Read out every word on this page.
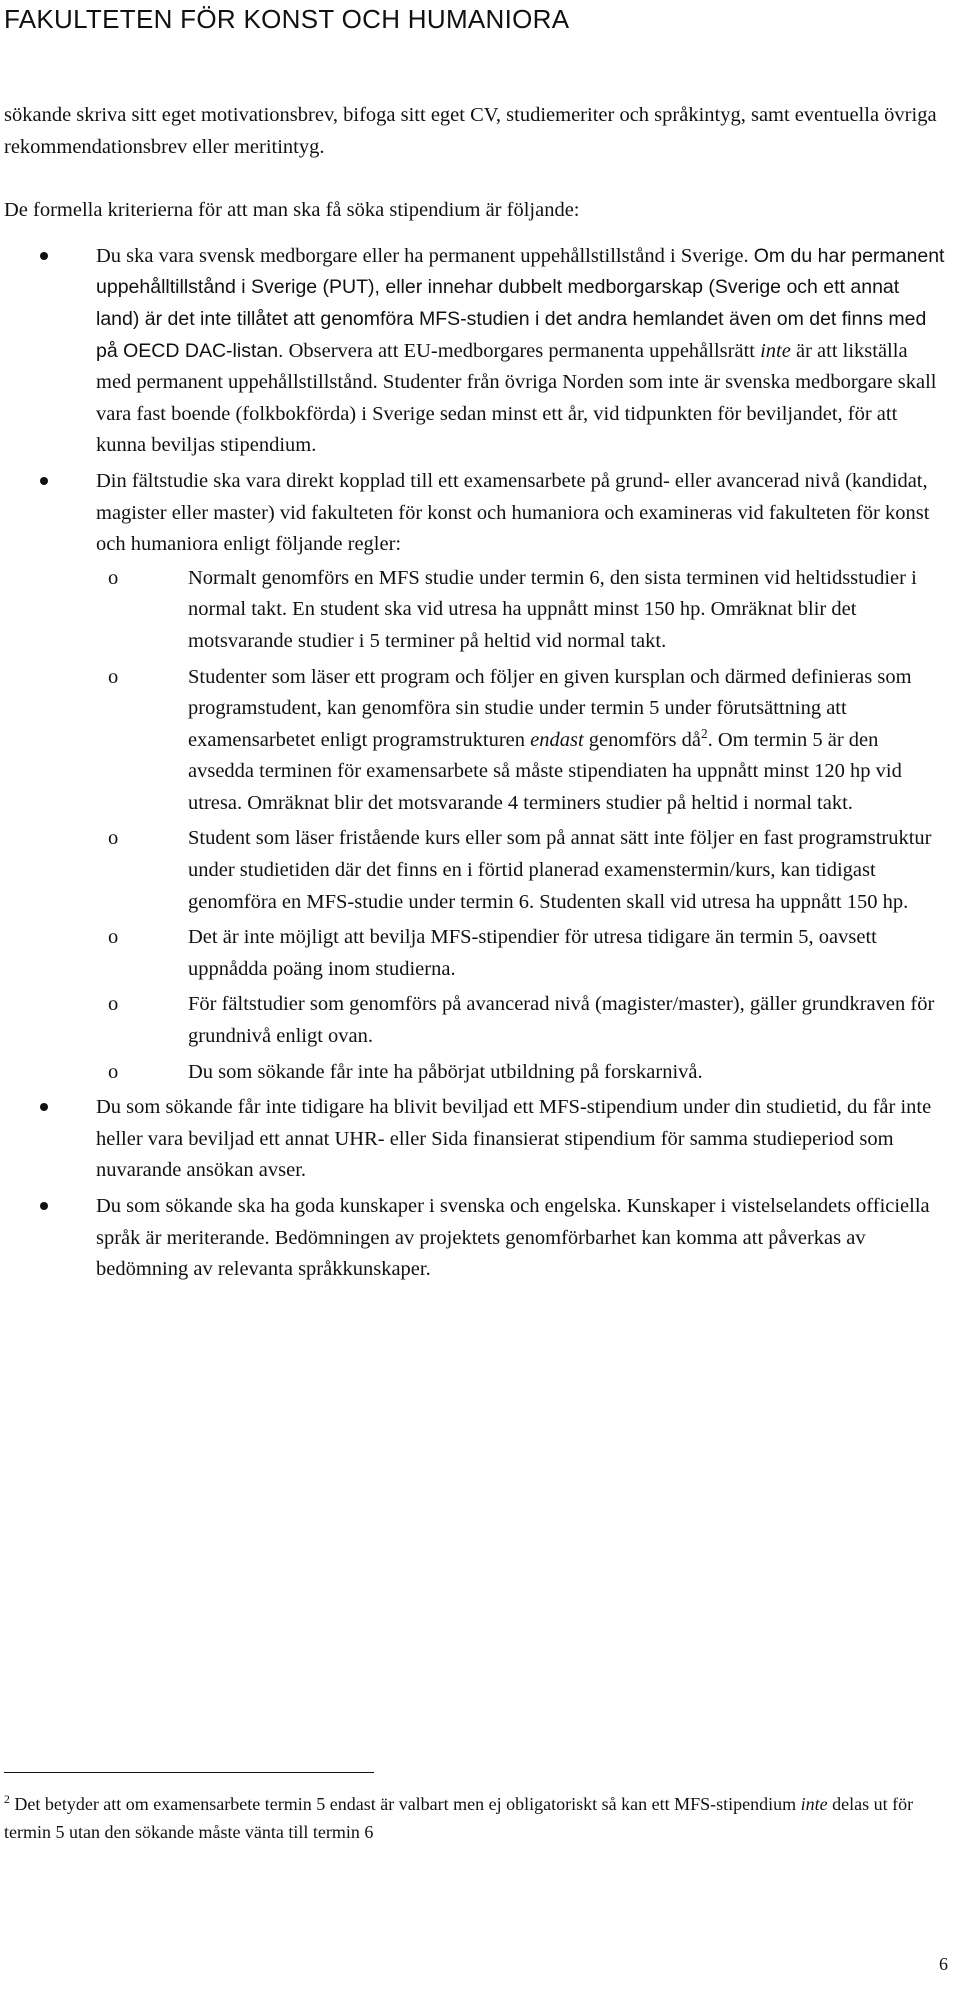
FAKULTETEN FÖR KONST OCH HUMANIORA

sökande skriva sitt eget motivationsbrev, bifoga sitt eget CV, studiemeriter och språkintyg, samt eventuella övriga rekommendationsbrev eller meritintyg.

De formella kriterierna för att man ska få söka stipendium är följande:

Du ska vara svensk medborgare eller ha permanent uppehållstillstånd i Sverige. Om du har permanent uppehålltillstånd i Sverige (PUT), eller innehar dubbelt medborgarskap (Sverige och ett annat land) är det inte tillåtet att genomföra MFS-studien i det andra hemlandet även om det finns med på OECD DAC-listan. Observera att EU-medborgares permanenta uppehållsrätt inte är att likställa med permanent uppehållstillstånd. Studenter från övriga Norden som inte är svenska medborgare skall vara fast boende (folkbokförda) i Sverige sedan minst ett år, vid tidpunkten för beviljandet, för att kunna beviljas stipendium.
Din fältstudie ska vara direkt kopplad till ett examensarbete på grund- eller avancerad nivå (kandidat, magister eller master) vid fakulteten för konst och humaniora och examineras vid fakulteten för konst och humaniora enligt följande regler:
o	Normalt genomförs en MFS studie under termin 6, den sista terminen vid heltidsstudier i normal takt. En student ska vid utresa ha uppnått minst 150 hp. Omräknat blir det motsvarande studier i 5 terminer på heltid vid normal takt.
o	Studenter som läser ett program och följer en given kursplan och därmed definieras som programstudent, kan genomföra sin studie under termin 5 under förutsättning att examensarbetet enligt programstrukturen endast genomförs $då^2$. Om termin 5 är den avsedda terminen för examensarbete så måste stipendiaten ha uppnått minst 120 hp vid utresa. Omräknat blir det motsvarande 4 terminers studier på heltid i normal takt.
o	Student som läser fristående kurs eller som på annat sätt inte följer en fast programstruktur under studietiden där det finns en i förtid planerad examenstermin/kurs, kan tidigast genomföra en MFS-studie under termin 6. Studenten skall vid utresa ha uppnått 150 hp.
o	Det är inte möjligt att bevilja MFS-stipendier för utresa tidigare än termin 5, oavsett uppnådda poäng inom studierna.
o	För fältstudier som genomförs på avancerad nivå (magister/master), gäller grundkraven för grundnivå enligt ovan.
o	Du som sökande får inte ha påbörjat utbildning på forskarnivå.
Du som sökande får inte tidigare ha blivit beviljad ett MFS-stipendium under din studietid, du får inte heller vara beviljad ett annat UHR- eller Sida finansierat stipendium för samma studieperiod som nuvarande ansökan avser.
Du som sökande ska ha goda kunskaper i svenska och engelska. Kunskaper i vistelselandets officiella språk är meriterande. Bedömningen av projektets genomförbarhet kan komma att påverkas av bedömning av relevanta språkkunskaper.
$^2$ Det betyder att om examensarbete termin 5 endast är valbart men ej obligatoriskt så kan ett MFS-stipendium inte delas ut för termin 5 utan den sökande måste vänta till termin 6
6
